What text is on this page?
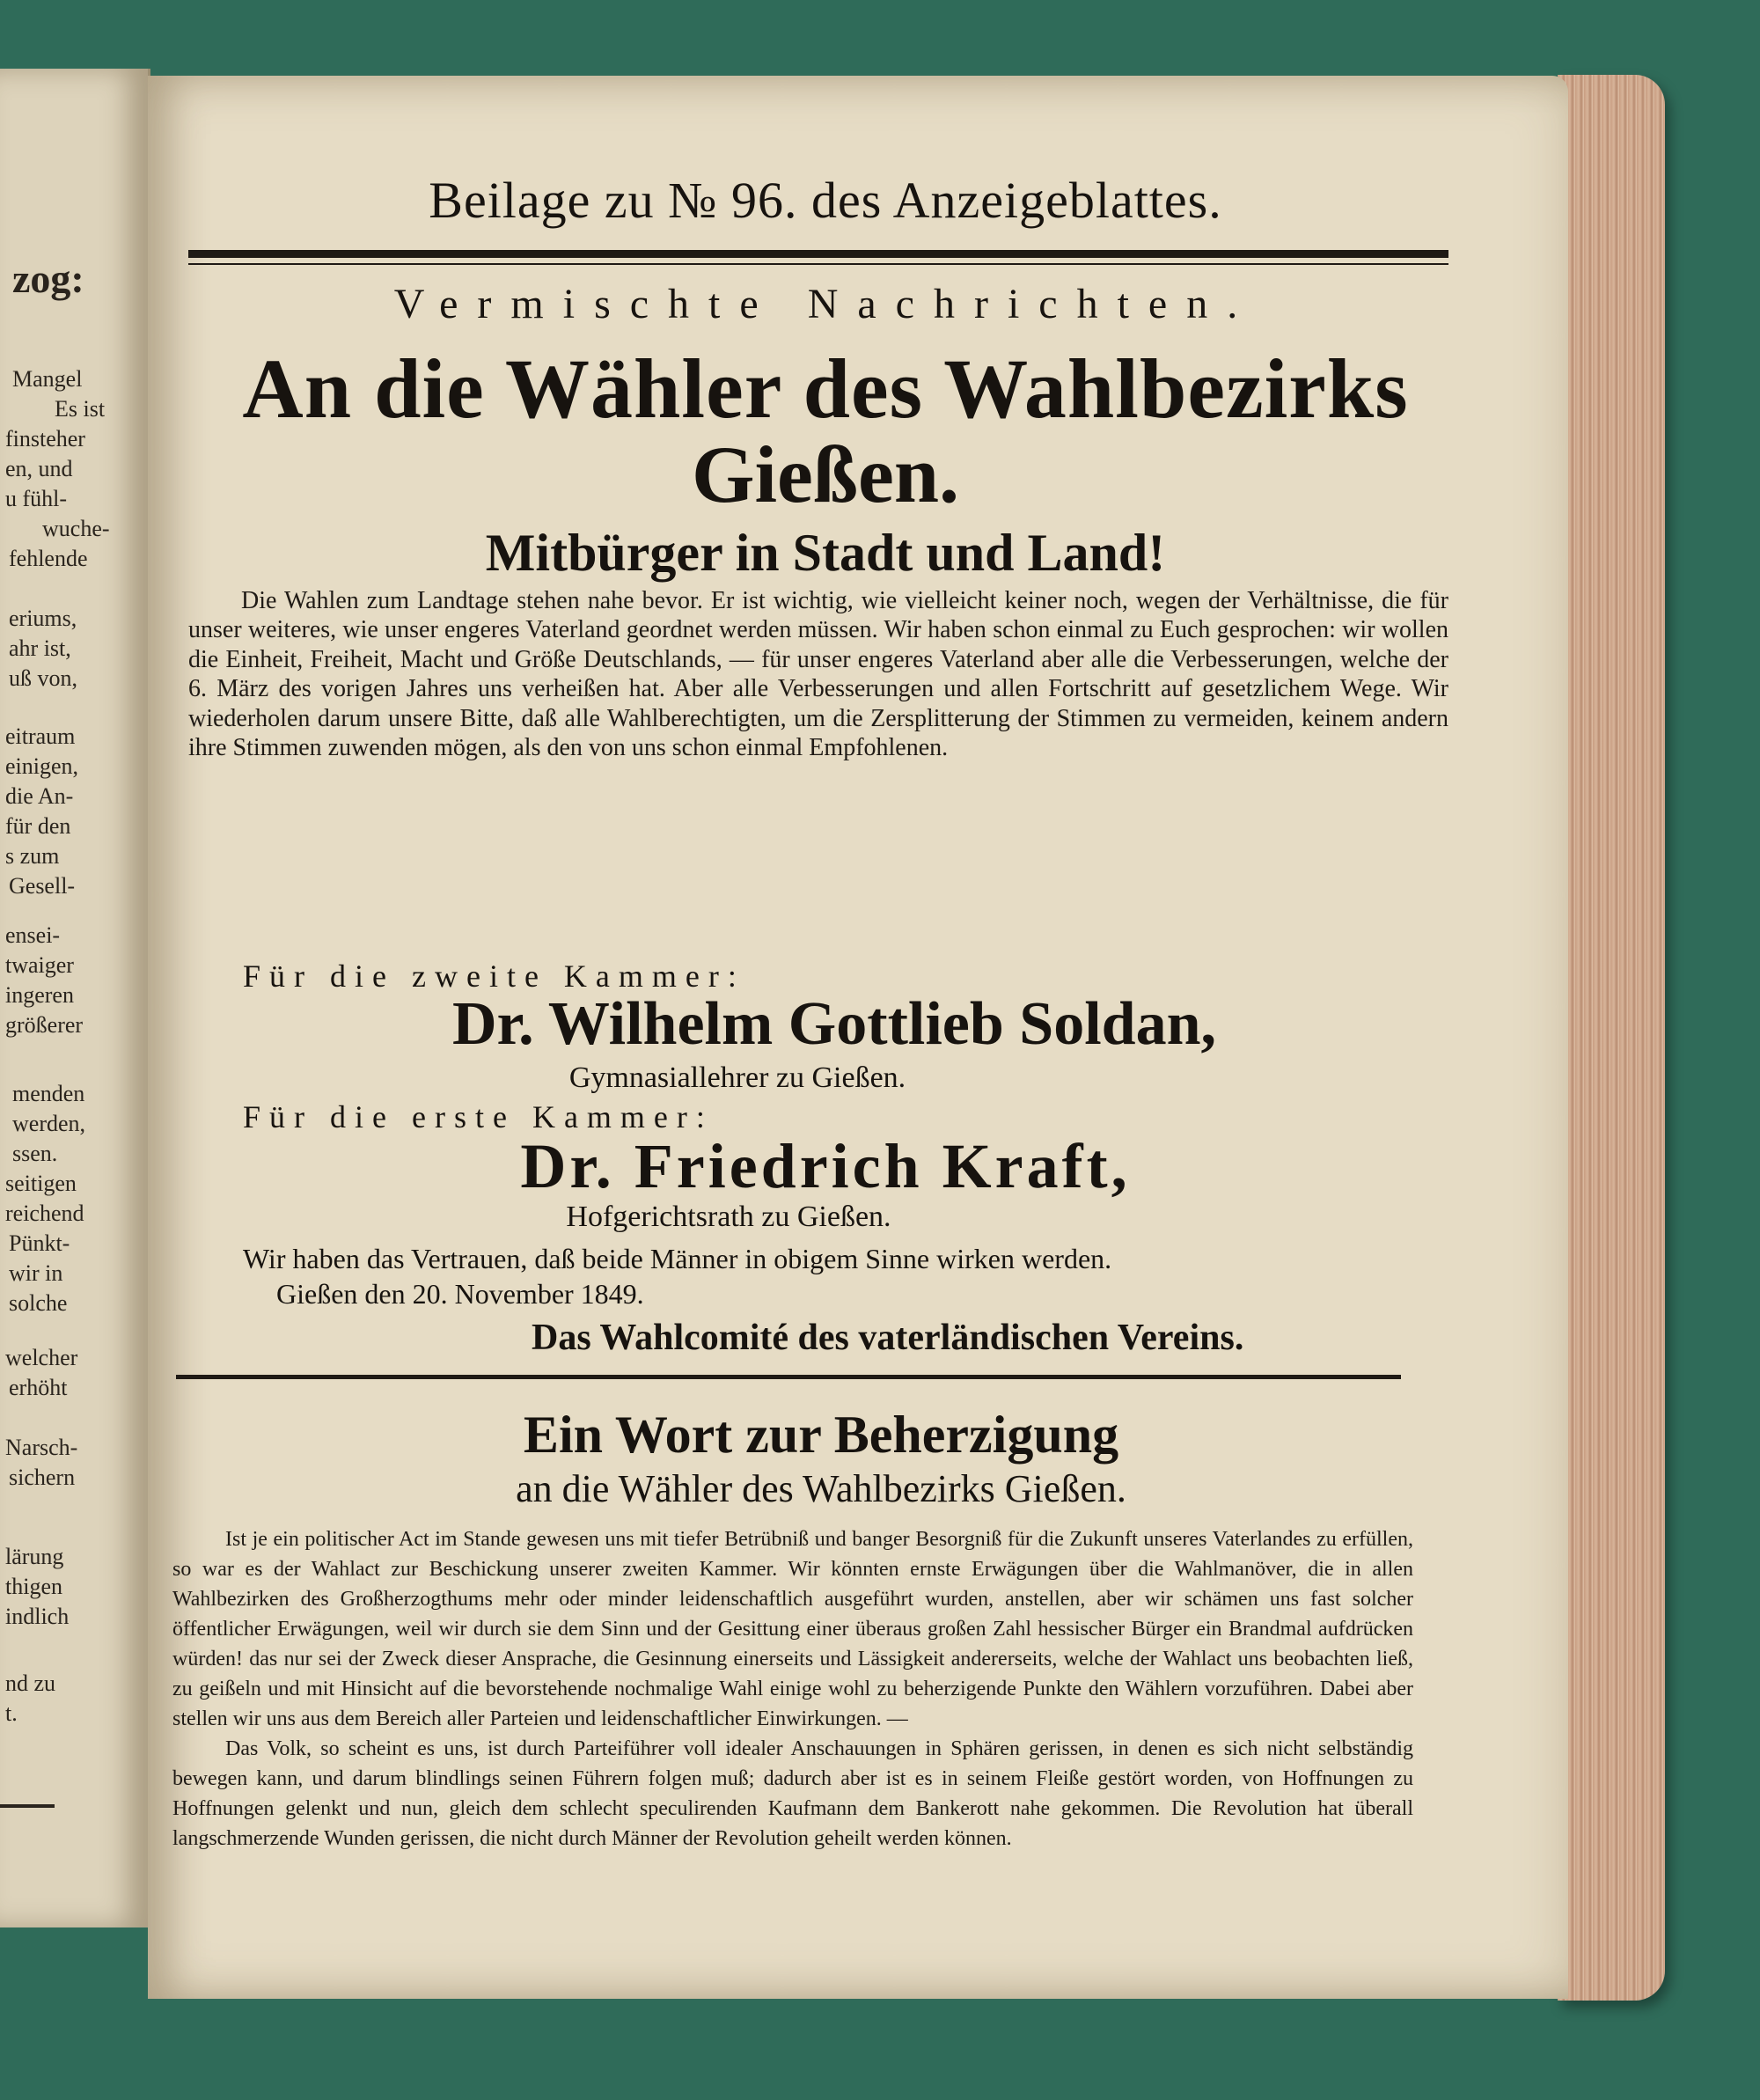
zog:
Mangel
Es ist
finsteher
en, und
u fühl-
wuche-
fehlende
eriums,
ahr ist,
uß von,
eitraum
einigen,
die An-
für den
s zum
Gesell-
ensei-
twaiger
ingeren
größerer
menden
werden,
ssen.
seitigen
reichend
Pünkt-
wir in
solche
welcher
erhöht
Narsch-
sichern
lärung
thigen
indlich
nd zu
t.
Beilage zu № 96. des Anzeigeblattes.
Vermischte Nachrichten.
An die Wähler des Wahlbezirks
Gießen.
Mitbürger in Stadt und Land!

Die Wahlen zum Landtage stehen nahe bevor. Er ist wichtig, wie vielleicht keiner noch, wegen der Verhältnisse, die für unser weiteres, wie unser engeres Vaterland geordnet werden müssen. Wir haben schon einmal zu Euch gesprochen: wir wollen die Einheit, Freiheit, Macht und Größe Deutschlands, — für unser engeres Vaterland aber alle die Verbesserungen, welche der 6. März des vorigen Jahres uns verheißen hat. Aber alle Verbesserungen und allen Fortschritt auf gesetzlichem Wege. Wir wiederholen darum unsere Bitte, daß alle Wahlberechtigten, um die Zersplitterung der Stimmen zu vermeiden, keinem andern ihre Stimmen zuwenden mögen, als den von uns schon einmal Empfohlenen.

Für die zweite Kammer:
Dr. Wilhelm Gottlieb Soldan,
Gymnasiallehrer zu Gießen.
Für die erste Kammer:
Dr. Friedrich Kraft,
Hofgerichtsrath zu Gießen.
Wir haben das Vertrauen, daß beide Männer in obigem Sinne wirken werden.
Gießen den 20. November 1849.
Das Wahlcomité des vaterländischen Vereins.
Ein Wort zur Beherzigung
an die Wähler des Wahlbezirks Gießen.

Ist je ein politischer Act im Stande gewesen uns mit tiefer Betrübniß und banger Besorgniß für die Zukunft unseres Vaterlandes zu erfüllen, so war es der Wahlact zur Beschickung unserer zweiten Kammer. Wir könnten ernste Erwägungen über die Wahlmanöver, die in allen Wahlbezirken des Großherzogthums mehr oder minder leidenschaftlich ausgeführt wurden, anstellen, aber wir schämen uns fast solcher öffentlicher Erwägungen, weil wir durch sie dem Sinn und der Gesittung einer überaus großen Zahl hessischer Bürger ein Brandmal aufdrücken würden! das nur sei der Zweck dieser Ansprache, die Gesinnung einerseits und Lässigkeit andererseits, welche der Wahlact uns beobachten ließ, zu geißeln und mit Hinsicht auf die bevorstehende nochmalige Wahl einige wohl zu beherzigende Punkte den Wählern vorzuführen. Dabei aber stellen wir uns aus dem Bereich aller Parteien und leidenschaftlicher Einwirkungen. —

Das Volk, so scheint es uns, ist durch Parteiführer voll idealer Anschauungen in Sphären gerissen, in denen es sich nicht selbständig bewegen kann, und darum blindlings seinen Führern folgen muß; dadurch aber ist es in seinem Fleiße gestört worden, von Hoffnungen zu Hoffnungen gelenkt und nun, gleich dem schlecht speculirenden Kaufmann dem Bankerott nahe gekommen. Die Revolution hat überall langschmerzende Wunden gerissen, die nicht durch Männer der Revolution geheilt werden können.
